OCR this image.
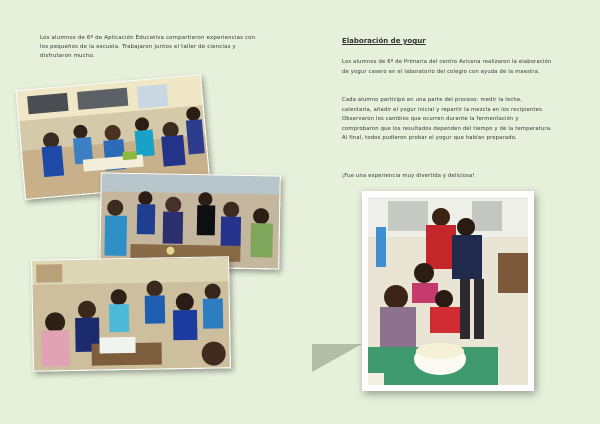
Los alumnos de 6º de Aplicación Educativa compartieron experiencias con los pequeños de la escuela. Trabajaron juntos el taller de ciencias y disfrutaron mucho.

Elaboración de yogur

Los alumnos de 6º de Primaria del centro Avicena realizaron la elaboración de yogur casero en el laboratorio del colegio con ayuda de la maestra.

Cada alumno participó en una parte del proceso: medir la leche, calentarla, añadir el yogur inicial y repartir la mezcla en los recipientes. Observaron los cambios que ocurren durante la fermentación y comprobaron que los resultados dependen del tiempo y de la temperatura. Al final, todos pudieron probar el yogur que habían preparado.

¡Fue una experiencia muy divertida y deliciosa!
